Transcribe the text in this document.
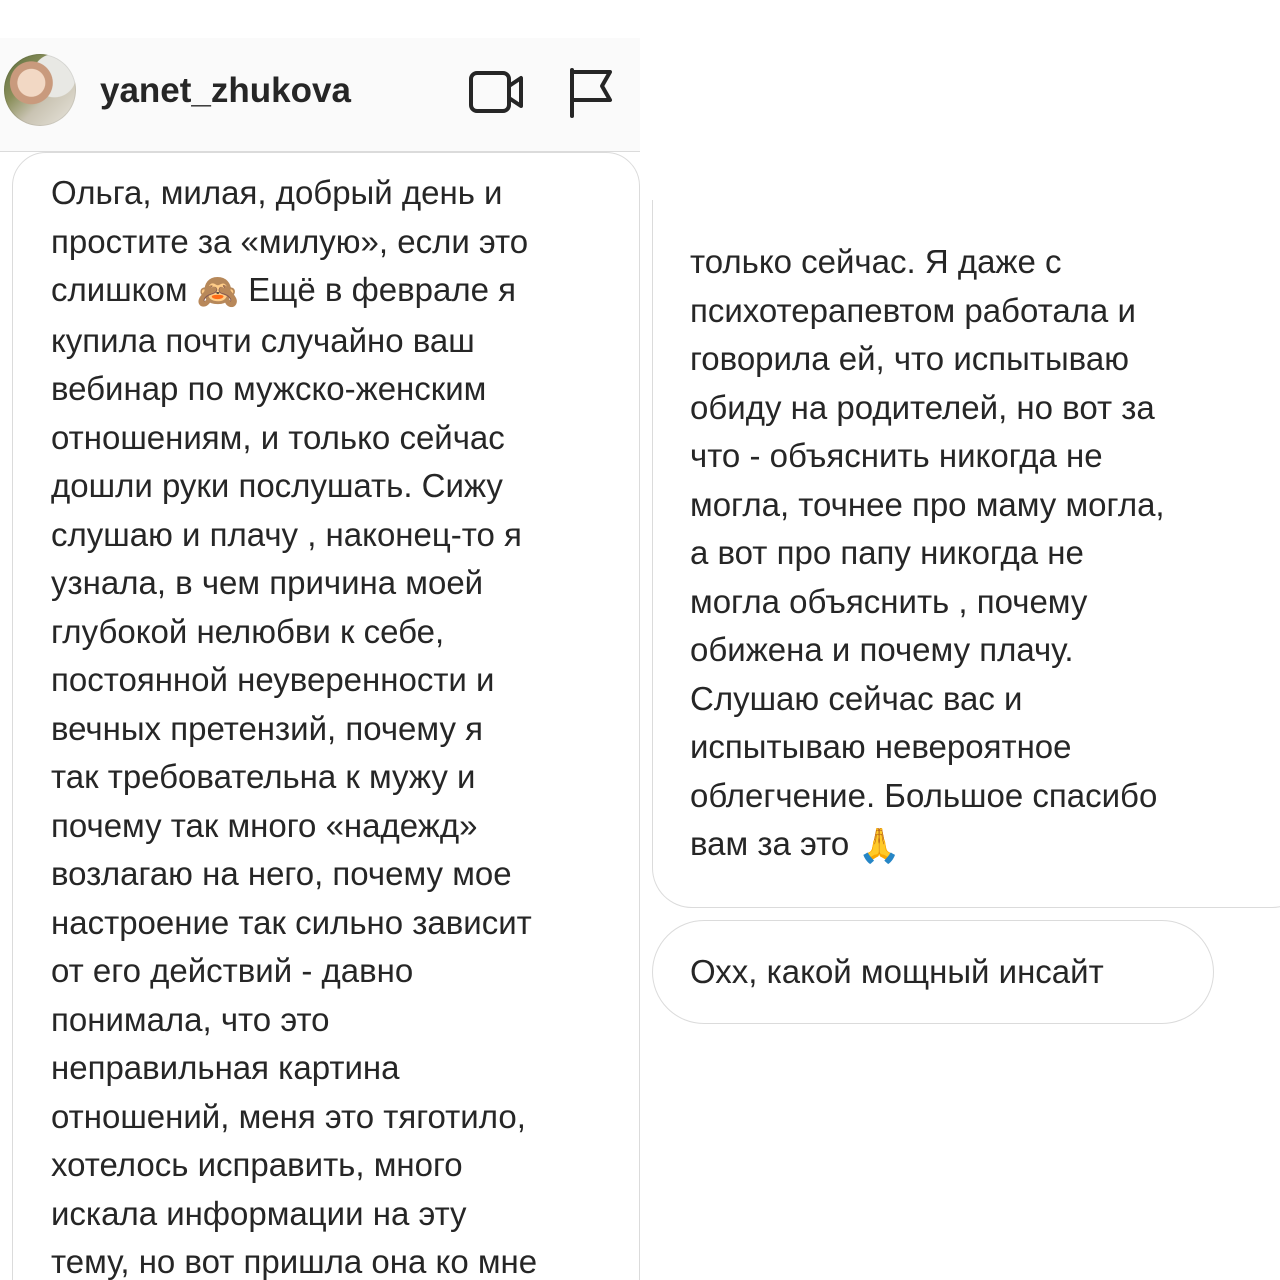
yanet_zhukova

Ольга, милая, добрый день и
простите за «милую», если это
слишком 🙈 Ещё в феврале я
купила почти случайно ваш
вебинар по мужско-женским
отношениям, и только сейчас
дошли руки послушать. Сижу
слушаю и плачу , наконец-то я
узнала, в чем причина моей
глубокой нелюбви к себе,
постоянной неуверенности и
вечных претензий, почему я
так требовательна к мужу и
почему так много «надежд»
возлагаю на него, почему мое
настроение так сильно зависит
от его действий - давно
понимала, что это
неправильная картина
отношений, меня это тяготило,
хотелось исправить, много
искала информации на эту
тему, но вот пришла она ко мне

только сейчас. Я даже с
психотерапевтом работала и
говорила ей, что испытываю
обиду на родителей, но вот за
что - объяснить никогда не
могла, точнее про маму могла,
а вот про папу никогда не
могла объяснить , почему
обижена и почему плачу.
Слушаю сейчас вас и
испытываю невероятное
облегчение. Большое спасибо
вам за это 🙏

Охх, какой мощный инсайт
